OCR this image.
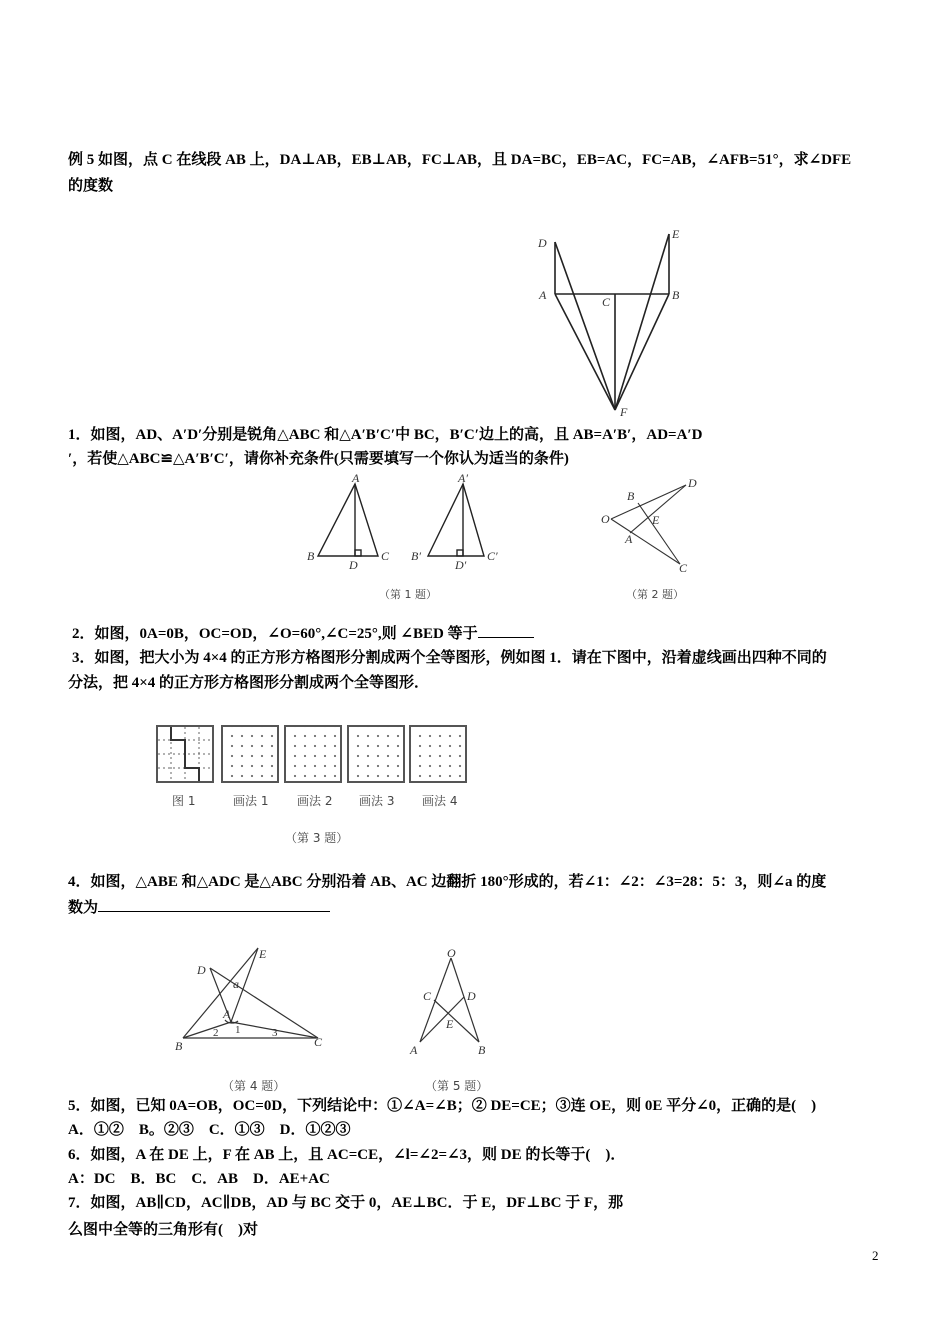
例 5 如图，点 C 在线段 AB 上，DA⊥AB，EB⊥AB，FC⊥AB，且 DA=BC，EB=AC，FC=AB，∠AFB=51°，求∠DFE
的度数
D
E
A	C	B
F
1．如图，AD、A′D′分别是锐角△ABC 和△A′B′C′中 BC，B′C′边上的高，且 AB=A′B′，AD=A′D
′，若使△ABC≌△A′B′C′，请你补充条件(只需要填写一个你认为适当的条件)
A
B	C
D
A′
B′	C′
D′
B
D
O	E
A
C
（第 1 题）	（第 2 题）
2．如图，0A=0B，OC=OD，∠O=60°,∠C=25°,则 ∠BED 等于
3．如图，把大小为 4×4 的正方形方格图形分割成两个全等图形，例如图 1．请在下图中，沿着虚线画出四种不同的
分法，把 4×4 的正方形方格图形分割成两个全等图形．
图 1	画法 1 画法 2 画法 3 画法 4
（第 3 题）
4．如图，△ABE 和△ADC 是△ABC 分别沿着 AB、AC 边翻折 180°形成的，若∠1：∠2：∠3=28：5：3，则∠a 的度
数为
D
E
a
A
1
2	3
B	C
O
C	D
E
A	B
（第 4 题）	（第 5 题）
5．如图，已知 0A=OB，OC=0D，下列结论中：①∠A=∠B；② DE=CE；③连 OE，则 0E 平分∠0，正确的是(　)
A．①②　B。②③　C．①③　D．①②③
6．如图，A 在 DE 上，F 在 AB 上，且 AC=CE，∠l=∠2=∠3，则 DE 的长等于(　)．
A：DC　B．BC　C．AB　D．AE+AC
7．如图，AB∥CD，AC∥DB，AD 与 BC 交于 0，AE⊥BC．于 E，DF⊥BC 于 F，那
么图中全等的三角形有(　)对
2
